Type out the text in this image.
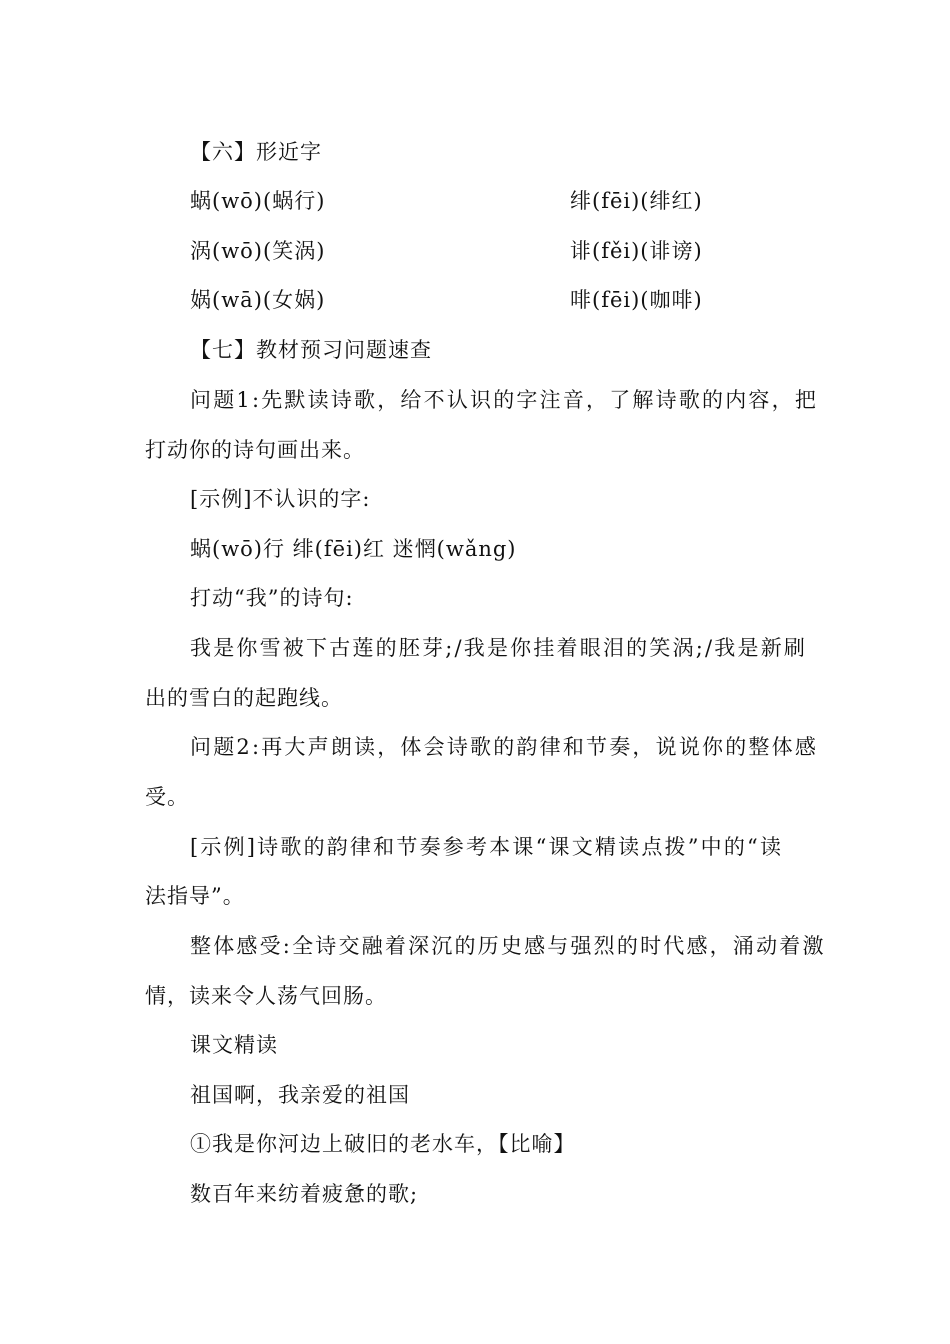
【六】形近字
蜗(wō)(蜗行)	绯(fēi)(绯红)
涡(wō)(笑涡)	诽(fěi)(诽谤)
娲(wā)(女娲)	啡(fēi)(咖啡)
【七】教材预习问题速查
问题1:先默读诗歌，给不认识的字注音，了解诗歌的内容，把
打动你的诗句画出来。
[示例]不认识的字:
蜗(wō)行 绯(fēi)红 迷惘(wǎng)
打动“我”的诗句:
我是你雪被下古莲的胚芽;/我是你挂着眼泪的笑涡;/我是新刷
出的雪白的起跑线。
问题2:再大声朗读，体会诗歌的韵律和节奏，说说你的整体感
受。
[示例]诗歌的韵律和节奏参考本课“课文精读点拨”中的“读
法指导”。
整体感受:全诗交融着深沉的历史感与强烈的时代感，涌动着激
情，读来令人荡气回肠。
课文精读
祖国啊，我亲爱的祖国
①我是你河边上破旧的老水车，【比喻】
数百年来纺着疲惫的歌;
